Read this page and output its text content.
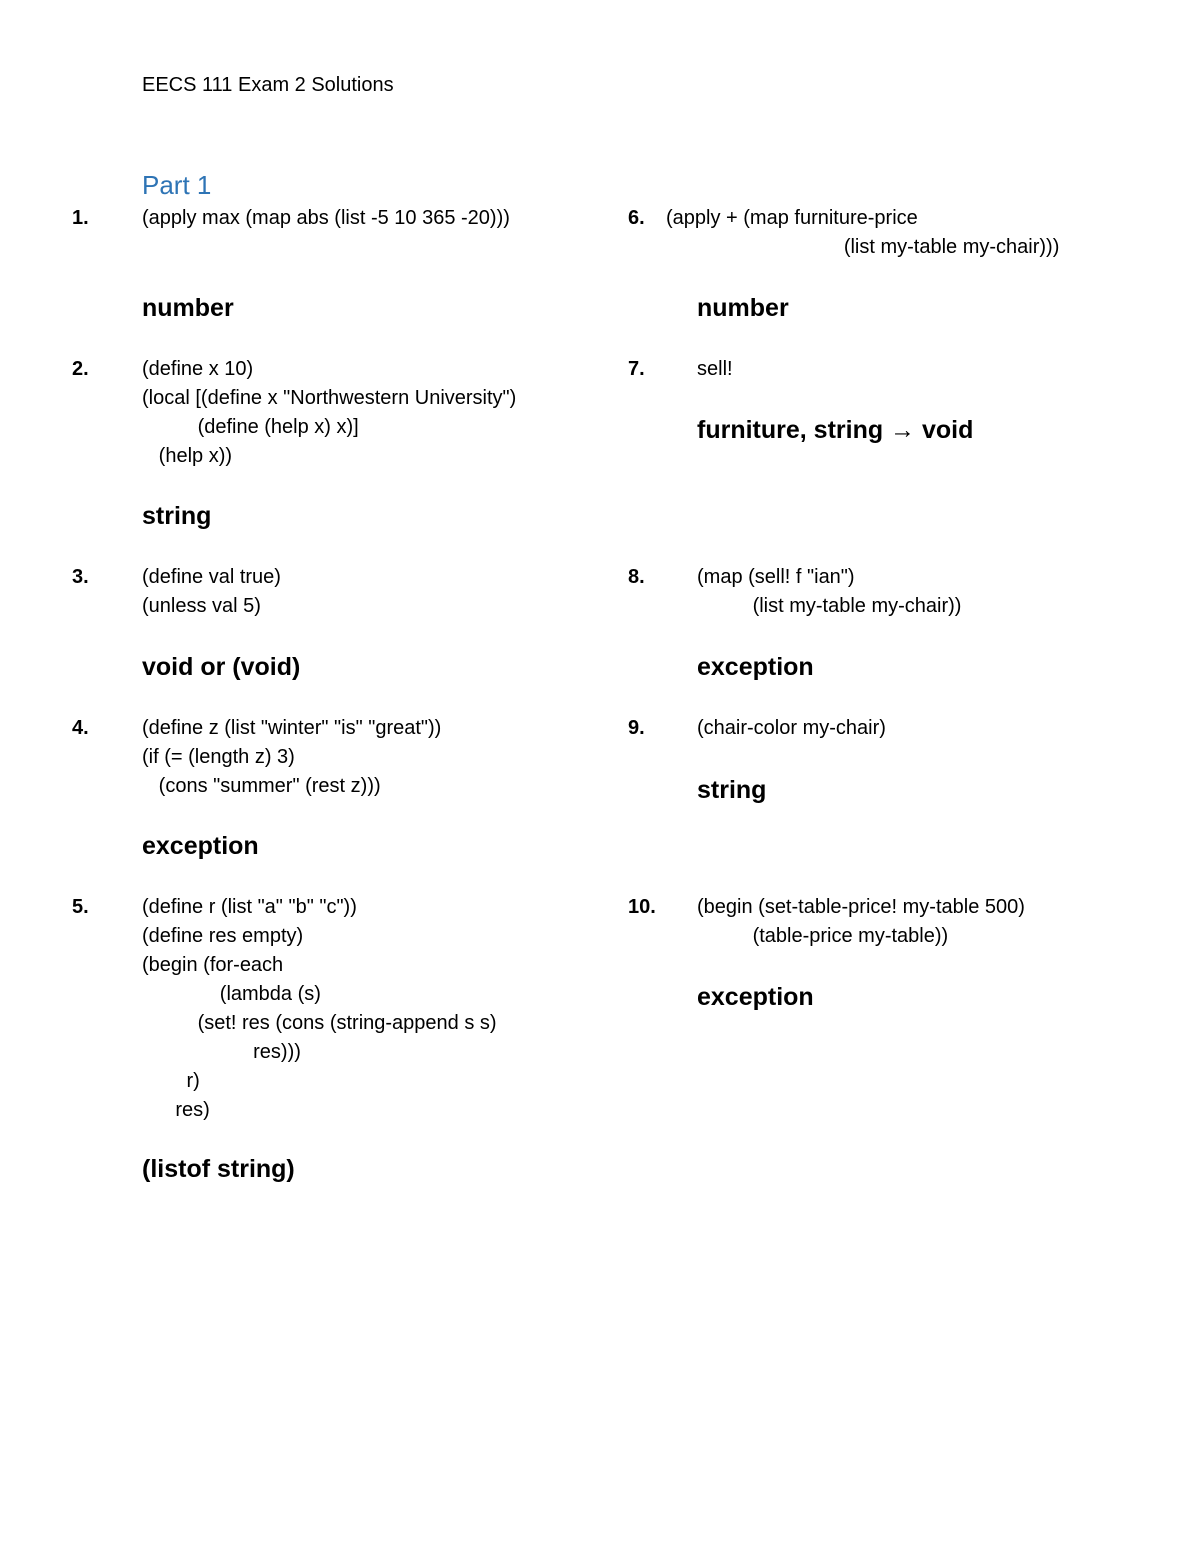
EECS 111 Exam 2 Solutions
Part 1
1.	(apply max (map abs (list -5 10 365 -20)))
number
2.	(define x 10)
(local [(define x "Northwestern University")
(define (help x) x)]
(help x))
string
3.	(define val true)
(unless val 5)
void or (void)
4.	(define z (list "winter" "is" "great"))
(if (= (length z) 3)
(cons "summer" (rest z)))
exception
5.	(define r (list "a" "b" "c"))
(define res empty)
(begin (for-each
(lambda (s)
(set! res (cons (string-append s s)
res)))
r)
res)
(listof string)
6. (apply + (map furniture-price
(list my-table my-chair)))
number
7.	sell!
furniture, string → void
8.	(map (sell! f "ian")
(list my-table my-chair))
exception
9.	(chair-color my-chair)
string
10. (begin (set-table-price! my-table 500)
(table-price my-table))
exception
